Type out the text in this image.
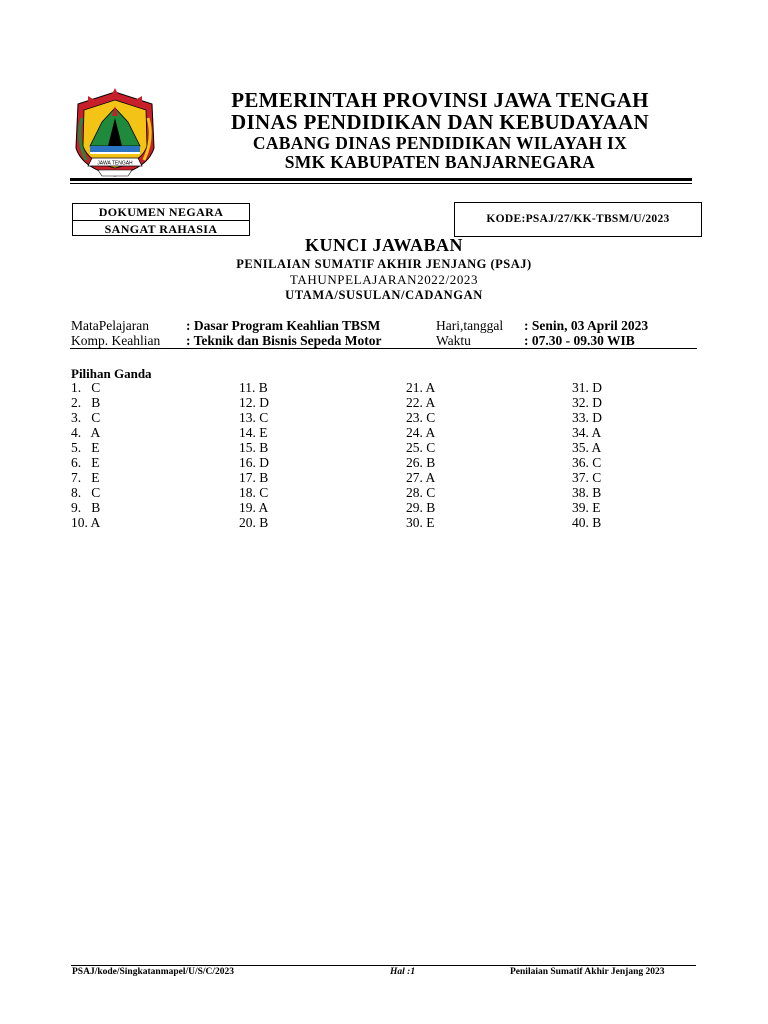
JAWA TENGAH
PEMERINTAH PROVINSI JAWA TENGAH
DINAS PENDIDIKAN DAN KEBUDAYAAN
CABANG DINAS PENDIDIKAN WILAYAH IX
SMK KABUPATEN BANJARNEGARA
DOKUMEN NEGARA
SANGAT RAHASIA
KODE:PSAJ/27/KK-TBSM/U/2023
KUNCI JAWABAN
PENILAIAN SUMATIF AKHIR JENJANG (PSAJ)
TAHUNPELAJARAN2022/2023
UTAMA/SUSULAN/CADANGAN
MataPelajaran	: Dasar Program Keahlian TBSM	Hari,tanggal : Senin, 03 April 2023
Komp. Keahlian : Teknik dan Bisnis Sepeda Motor	Waktu	: 07.30 - 09.30 WIB
Pilihan Ganda
1.   C
2.   B
3.   C
4.   A
5.   E
6.   E
7.   E
8.   C
9.   B
10. A
11. B
12. D
13. C
14. E
15. B
16. D
17. B
18. C
19. A
20. B
21. A
22. A
23. C
24. A
25. C
26. B
27. A
28. C
29. B
30. E
31. D
32. D
33. D
34. A
35. A
36. C
37. C
38. B
39. E
40. B
PSAJ/kode/Singkatanmapel/U/S/C/2023	Hal :1	Penilaian Sumatif Akhir Jenjang 2023
